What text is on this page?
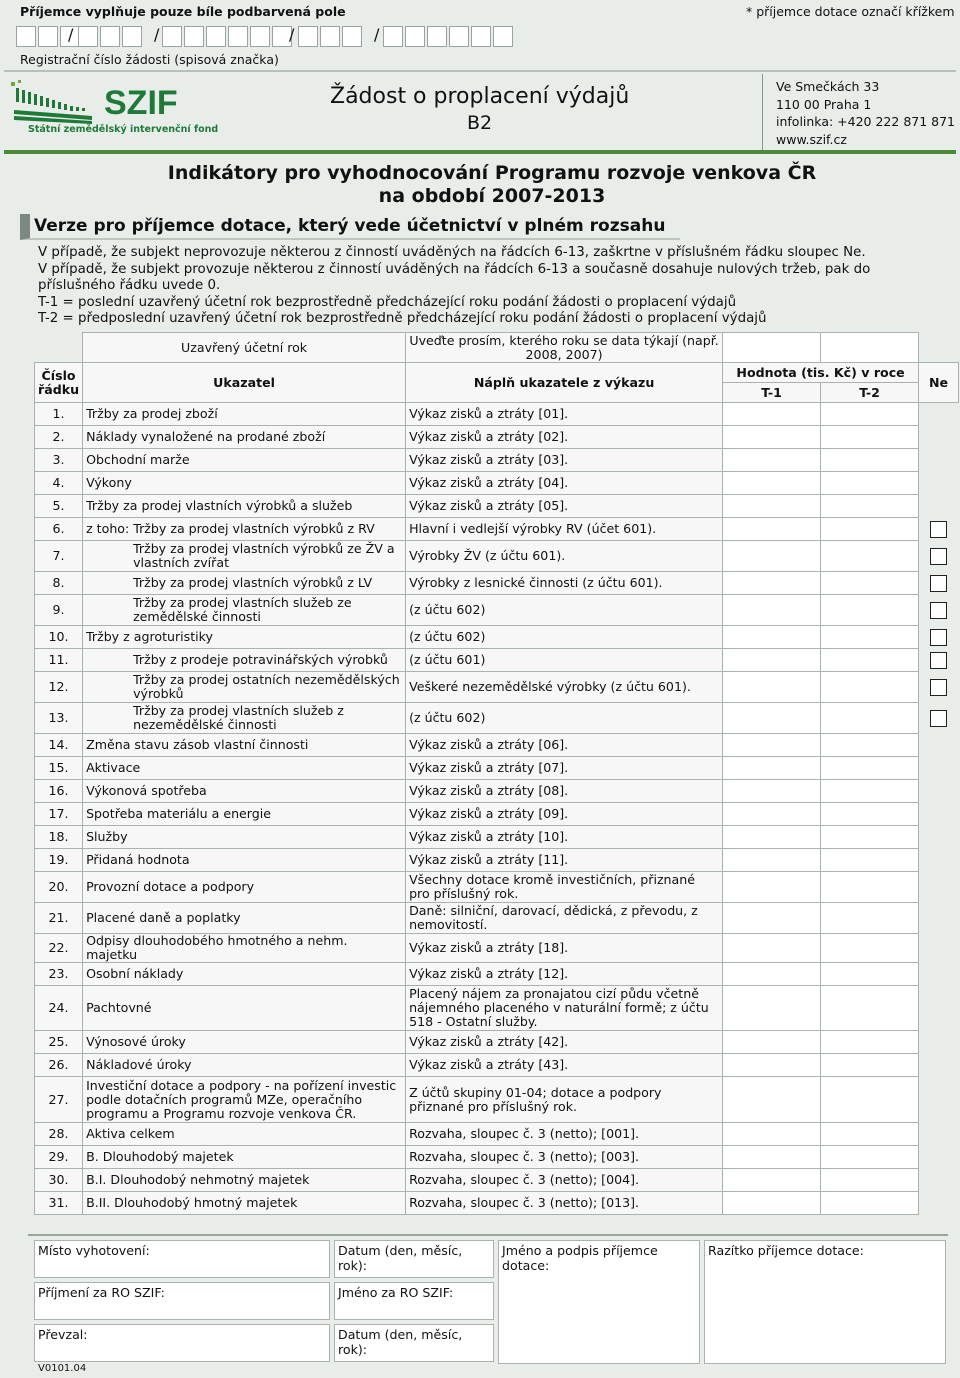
Příjemce vyplňuje pouze bíle podbarvená pole	* příjemce dotace označí křížkem
/	/	/	/
Registrační číslo žádosti (spisová značka)
SZIF
Státní zemědělský intervenční fond
Žádost o proplacení výdajů
B2
Ve Smečkách 33
110 00 Praha 1
infolinka: +420 222 871 871
www.szif.cz
Indikátory pro vyhodnocování Programu rozvoje venkova ČR
na období 2007-2013
Verze pro příjemce dotace, který vede účetnictví v plném rozsahu
V případě, že subjekt neprovozuje některou z činností uváděných na řádcích 6-13, zaškrtne v příslušném řádku sloupec Ne.
V případě, že subjekt provozuje některou z činností uváděných na řádcích 6-13 a současně dosahuje nulových tržeb, pak do příslušného řádku uvede 0.
T-1 = poslední uzavřený účetní rok bezprostředně předcházející roku podání žádosti o proplacení výdajů
T-2 = předposlední uzavřený účetní rok bezprostředně předcházející roku podání žádosti o proplacení výdajů
	Uzavřený účetní rok	Uveďte prosím, kterého roku se data týkají (např. 2008, 2007)			
Číslo řádku	Ukazatel	Náplň ukazatele z výkazu	Hodnota (tis. Kč) v roce		Ne
			T-1	T-2	
1.	Tržby za prodej zboží	Výkaz zisků a ztráty [01].			
2.	Náklady vynaložené na prodané zboží	Výkaz zisků a ztráty [02].			
3.	Obchodní marže	Výkaz zisků a ztráty [03].			
4.	Výkony	Výkaz zisků a ztráty [04].			
5.	Tržby za prodej vlastních výrobků a služeb	Výkaz zisků a ztráty [05].			
6.	z toho: Tržby za prodej vlastních výrobků z RV	Hlavní i vedlejší výrobky RV (účet 601).			
7.	Tržby za prodej vlastních výrobků ze ŽV a vlastních zvířat	Výrobky ŽV (z účtu 601).			
8.	Tržby za prodej vlastních výrobků z LV	Výrobky z lesnické činnosti (z účtu 601).			
9.	Tržby za prodej vlastních služeb ze zemědělské činnosti	(z účtu 602)			
10.	Tržby z agroturistiky	(z účtu 602)			
11.	Tržby z prodeje potravinářských výrobků	(z účtu 601)			
12.	Tržby za prodej ostatních nezemědělských výrobků	Veškeré nezemědělské výrobky (z účtu 601).			
13.	Tržby za prodej vlastních služeb z nezemědělské činnosti	(z účtu 602)			
14.	Změna stavu zásob vlastní činnosti	Výkaz zisků a ztráty [06].			
15.	Aktivace	Výkaz zisků a ztráty [07].			
16.	Výkonová spotřeba	Výkaz zisků a ztráty [08].			
17.	Spotřeba materiálu a energie	Výkaz zisků a ztráty [09].			
18.	Služby	Výkaz zisků a ztráty [10].			
19.	Přidaná hodnota	Výkaz zisků a ztráty [11].			
20.	Provozní dotace a podpory	Všechny dotace kromě investičních, přiznané pro příslušný rok.			
21.	Placené daně a poplatky	Daně: silniční, darovací, dědická, z převodu, z nemovitostí.			
22.	Odpisy dlouhodobého hmotného a nehm. majetku	Výkaz zisků a ztráty [18].			
23.	Osobní náklady	Výkaz zisků a ztráty [12].			
24.	Pachtovné	Placený nájem za pronajatou cizí půdu včetně nájemného placeného v naturální formě; z účtu 518 - Ostatní služby.			
25.	Výnosové úroky	Výkaz zisků a ztráty [42].			
26.	Nákladové úroky	Výkaz zisků a ztráty [43].			
27.	Investiční dotace a podpory - na pořízení investic podle dotačních programů MZe, operačního programu a Programu rozvoje venkova ČR.	Z účtů skupiny 01-04; dotace a podpory přiznané pro příslušný rok.			
28.	Aktiva celkem	Rozvaha, sloupec č. 3 (netto); [001].			
29.	B. Dlouhodobý majetek	Rozvaha, sloupec č. 3 (netto); [003].			
30.	B.I. Dlouhodobý nehmotný majetek	Rozvaha, sloupec č. 3 (netto); [004].			
31.	B.II. Dlouhodobý hmotný majetek	Rozvaha, sloupec č. 3 (netto); [013].			
Místo vyhotovení:	Datum (den, měsíc, rok):
Jméno a podpis příjemce dotace:
Razítko příjemce dotace:
Příjmení za RO SZIF:	Jméno za RO SZIF:
Převzal:	Datum (den, měsíc, rok):
V0101.04
